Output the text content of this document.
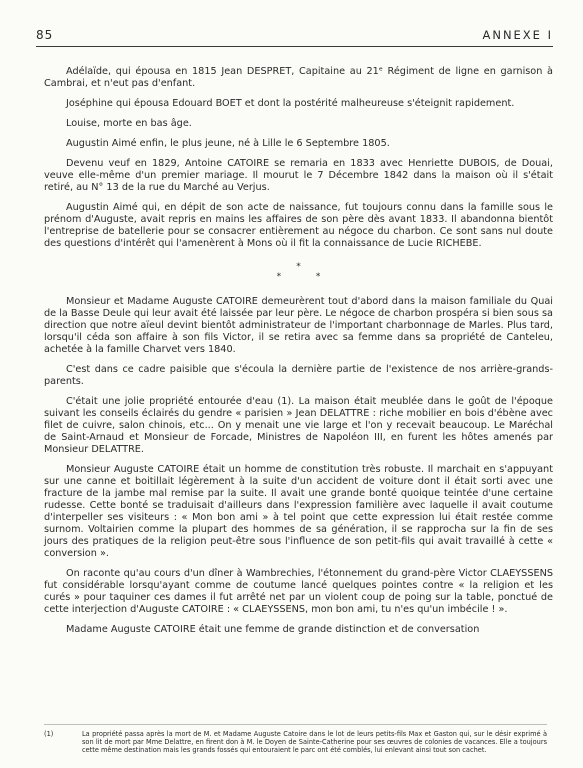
85	ANNEXE I

Adélaïde, qui épousa en 1815 Jean DESPRET, Capitaine au 21ᵉ Régiment de ligne en garnison à Cambrai, et n'eut pas d'enfant.

Joséphine qui épousa Edouard BOET et dont la postérité malheureuse s'éteignit rapidement.

Louise, morte en bas âge.

Augustin Aimé enfin, le plus jeune, né à Lille le 6 Septembre 1805.

Devenu veuf en 1829, Antoine CATOIRE se remaria en 1833 avec Henriette DUBOIS, de Douai, veuve elle-même d'un premier mariage. Il mourut le 7 Décembre 1842 dans la maison où il s'était retiré, au N° 13 de la rue du Marché au Verjus.

Augustin Aimé qui, en dépit de son acte de naissance, fut toujours connu dans la famille sous le prénom d'Auguste, avait repris en mains les affaires de son père dès avant 1833. Il abandonna bientôt l'entreprise de batellerie pour se consacrer entièrement au négoce du charbon. Ce sont sans nul doute des questions d'intérêt qui l'amenèrent à Mons où il fit la connaissance de Lucie RICHEBE.

*
* *

Monsieur et Madame Auguste CATOIRE demeurèrent tout d'abord dans la maison familiale du Quai de la Basse Deule qui leur avait été laissée par leur père. Le négoce de charbon prospéra si bien sous sa direction que notre aïeul devint bientôt administrateur de l'important charbonnage de Marles. Plus tard, lorsqu'il céda son affaire à son fils Victor, il se retira avec sa femme dans sa propriété de Canteleu, achetée à la famille Charvet vers 1840.

C'est dans ce cadre paisible que s'écoula la dernière partie de l'existence de nos arrière-grands-parents.

C'était une jolie propriété entourée d'eau (1). La maison était meublée dans le goût de l'époque suivant les conseils éclairés du gendre « parisien » Jean DELATTRE : riche mobilier en bois d'ébène avec filet de cuivre, salon chinois, etc... On y menait une vie large et l'on y recevait beaucoup. Le Maréchal de Saint-Arnaud et Monsieur de Forcade, Ministres de Napoléon III, en furent les hôtes amenés par Monsieur DELATTRE.

Monsieur Auguste CATOIRE était un homme de constitution très robuste. Il marchait en s'appuyant sur une canne et boitillait légèrement à la suite d'un accident de voiture dont il était sorti avec une fracture de la jambe mal remise par la suite. Il avait une grande bonté quoique teintée d'une certaine rudesse. Cette bonté se traduisait d'ailleurs dans l'expression familière avec laquelle il avait coutume d'interpeller ses visiteurs : « Mon bon ami » à tel point que cette expression lui était restée comme surnom. Voltairien comme la plupart des hommes de sa génération, il se rapprocha sur la fin de ses jours des pratiques de la religion peut-être sous l'influence de son petit-fils qui avait travaillé à cette « conversion ».

On raconte qu'au cours d'un dîner à Wambrechies, l'étonnement du grand-père Victor CLAEYSSENS fut considérable lorsqu'ayant comme de coutume lancé quelques pointes contre « la religion et les curés » pour taquiner ces dames il fut arrêté net par un violent coup de poing sur la table, ponctué de cette interjection d'Auguste CATOIRE : « CLAEYSSENS, mon bon ami, tu n'es qu'un imbécile ! ».

Madame Auguste CATOIRE était une femme de grande distinction et de conversation

(1)	La propriété passa après la mort de M. et Madame Auguste Catoire dans le lot de leurs petits-fils Max et Gaston qui, sur le désir exprimé à son lit de mort par Mme Delattre, en firent don à M. le Doyen de Sainte-Catherine pour ses œuvres de colonies de vacances. Elle a toujours cette même destination mais les grands fossés qui entouraient le parc ont été comblés, lui enlevant ainsi tout son cachet.
